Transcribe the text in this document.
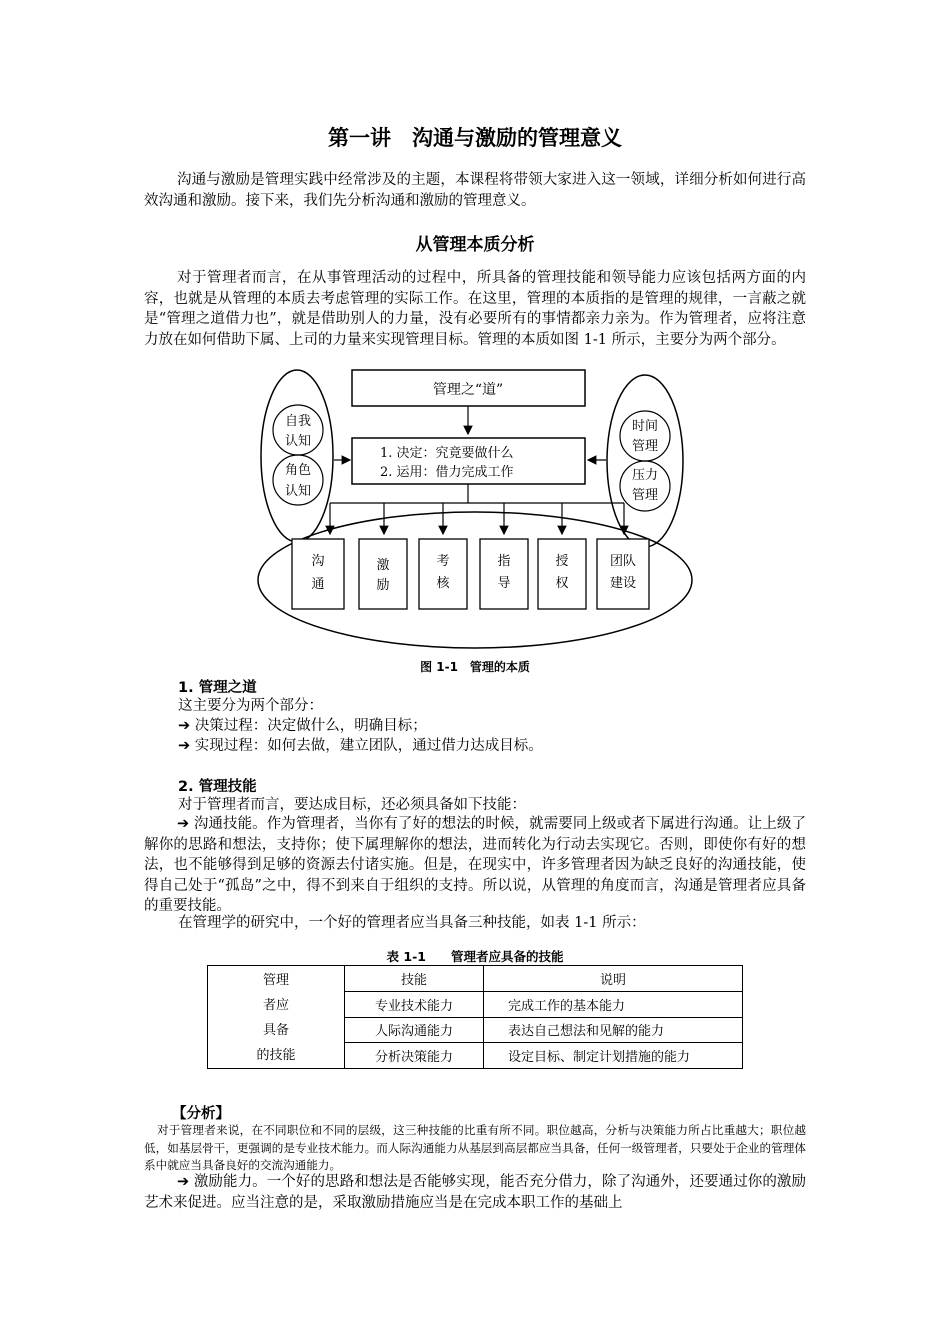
第一讲　沟通与激励的管理意义

沟通与激励是管理实践中经常涉及的主题，本课程将带领大家进入这一领域，详细分析如何进行高效沟通和激励。接下来，我们先分析沟通和激励的管理意义。

从管理本质分析

对于管理者而言，在从事管理活动的过程中，所具备的管理技能和领导能力应该包括两方面的内容，也就是从管理的本质去考虑管理的实际工作。在这里，管理的本质指的是管理的规律，一言蔽之就是“管理之道借力也”，就是借助别人的力量，没有必要所有的事情都亲力亲为。作为管理者，应将注意力放在如何借助下属、上司的力量来实现管理目标。管理的本质如图 1-1 所示，主要分为两个部分。

管理之“道”
1. 决定：究竟要做什么
2. 运用：借力完成工作
自我
认知
角色
认知
时间
管理
压力
管理
沟
通
激
励
考
核
指
导
授
权
团队
建设
图 1-1　管理的本质
1. 管理之道
这主要分为两个部分：
➔ 决策过程：决定做什么，明确目标；
➔ 实现过程：如何去做，建立团队，通过借力达成目标。
2. 管理技能
对于管理者而言，要达成目标，还必须具备如下技能：

➔ 沟通技能。作为管理者，当你有了好的想法的时候，就需要同上级或者下属进行沟通。让上级了解你的思路和想法，支持你；使下属理解你的想法，进而转化为行动去实现它。否则，即使你有好的想法，也不能够得到足够的资源去付诸实施。但是，在现实中，许多管理者因为缺乏良好的沟通技能，使得自己处于“孤岛”之中，得不到来自于组织的支持。所以说，从管理的角度而言，沟通是管理者应具备的重要技能。

在管理学的研究中，一个好的管理者应当具备三种技能，如表 1-1 所示：
表 1-1　　管理者应具备的技能
管理
者应
具备
的技能	技能	说明
	专业技术能力	完成工作的基本能力
	人际沟通能力	表达自己想法和见解的能力
	分析决策能力	设定目标、制定计划措施的能力
【分析】

对于管理者来说，在不同职位和不同的层级，这三种技能的比重有所不同。职位越高，分析与决策能力所占比重越大；职位越低，如基层骨干，更强调的是专业技术能力。而人际沟通能力从基层到高层都应当具备，任何一级管理者，只要处于企业的管理体系中就应当具备良好的交流沟通能力。

➔ 激励能力。一个好的思路和想法是否能够实现，能否充分借力，除了沟通外，还要通过你的激励艺术来促进。应当注意的是，采取激励措施应当是在完成本职工作的基础上
